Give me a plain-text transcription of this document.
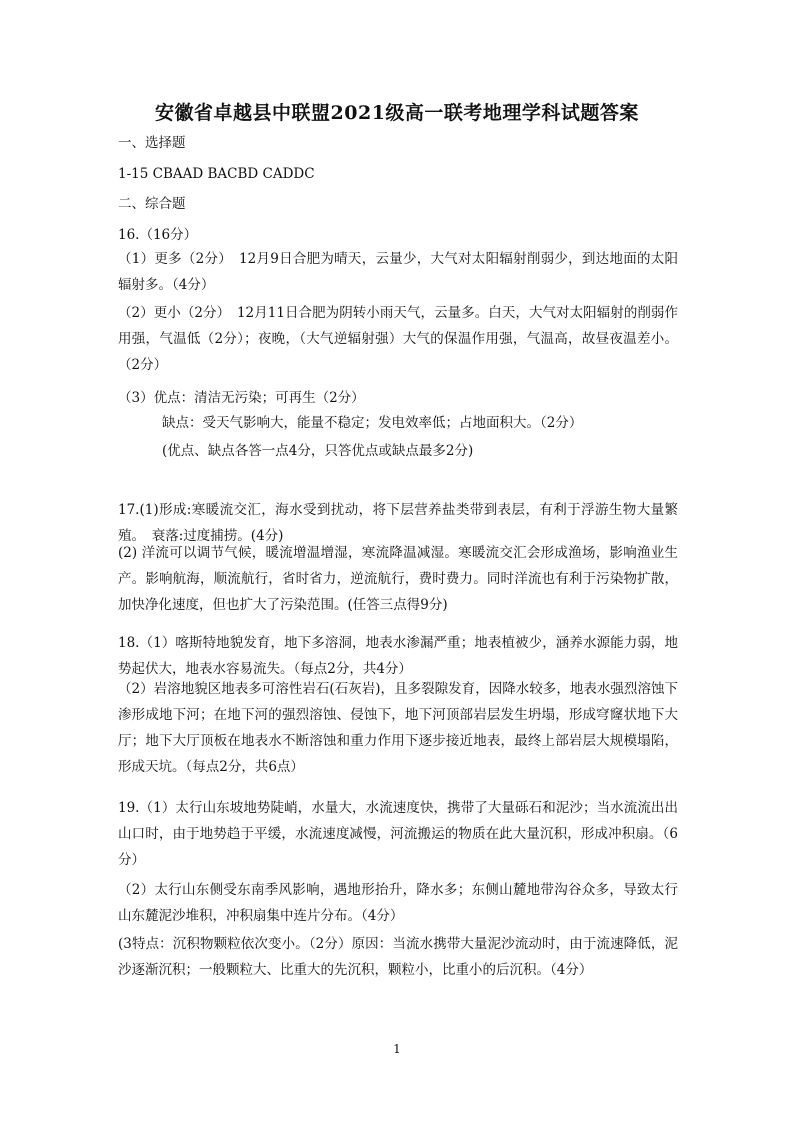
安徽省卓越县中联盟2021级高一联考地理学科试题答案
一、选择题
1-15 CBAAD BACBD CADDC
二、综合题
16.（16分）
（1）更多（2分）　12月9日合肥为晴天，云量少，大气对太阳辐射削弱少，到达地面的太阳辐射多。（4分）
（2）更小（2分）　12月11日合肥为阴转小雨天气，云量多。白天，大气对太阳辐射的削弱作用强，气温低（2分）；夜晚，（大气逆辐射强）大气的保温作用强，气温高，故昼夜温差小。（2分）
（3）优点：清洁无污染；可再生（2分）
缺点：受天气影响大，能量不稳定；发电效率低；占地面积大。（2分）
(优点、缺点各答一点4分，只答优点或缺点最多2分)
17.(1)形成:寒暖流交汇，海水受到扰动，将下层营养盐类带到表层，有利于浮游生物大量繁殖。　衰落:过度捕捞。(4分)
(2) 洋流可以调节气候，暖流增温增湿，寒流降温减湿。寒暖流交汇会形成渔场，影响渔业生产。影响航海，顺流航行，省时省力，逆流航行，费时费力。同时洋流也有利于污染物扩散，加快净化速度，但也扩大了污染范围。(任答三点得9分)
18.（1）喀斯特地貌发育，地下多溶洞，地表水渗漏严重；地表植被少，涵养水源能力弱，地势起伏大，地表水容易流失。（每点2分，共4分）
（2）岩溶地貌区地表多可溶性岩石(石灰岩)，且多裂隙发育，因降水较多，地表水强烈溶蚀下渗形成地下河；在地下河的强烈溶蚀、侵蚀下，地下河顶部岩层发生坍塌，形成穹窿状地下大厅；地下大厅顶板在地表水不断溶蚀和重力作用下逐步接近地表，最终上部岩层大规模塌陷，形成天坑。（每点2分，共6点）
19.（1）太行山东坡地势陡峭，水量大，水流速度快，携带了大量砾石和泥沙；当水流流出出山口时，由于地势趋于平缓，水流速度减慢，河流搬运的物质在此大量沉积，形成冲积扇。（6分）
（2）太行山东侧受东南季风影响，遇地形抬升，降水多；东侧山麓地带沟谷众多，导致太行山东麓泥沙堆积，冲积扇集中连片分布。（4分）
(3特点：沉积物颗粒依次变小。（2分）原因：当流水携带大量泥沙流动时，由于流速降低，泥沙逐渐沉积；一般颗粒大、比重大的先沉积，颗粒小，比重小的后沉积。（4分）
1
